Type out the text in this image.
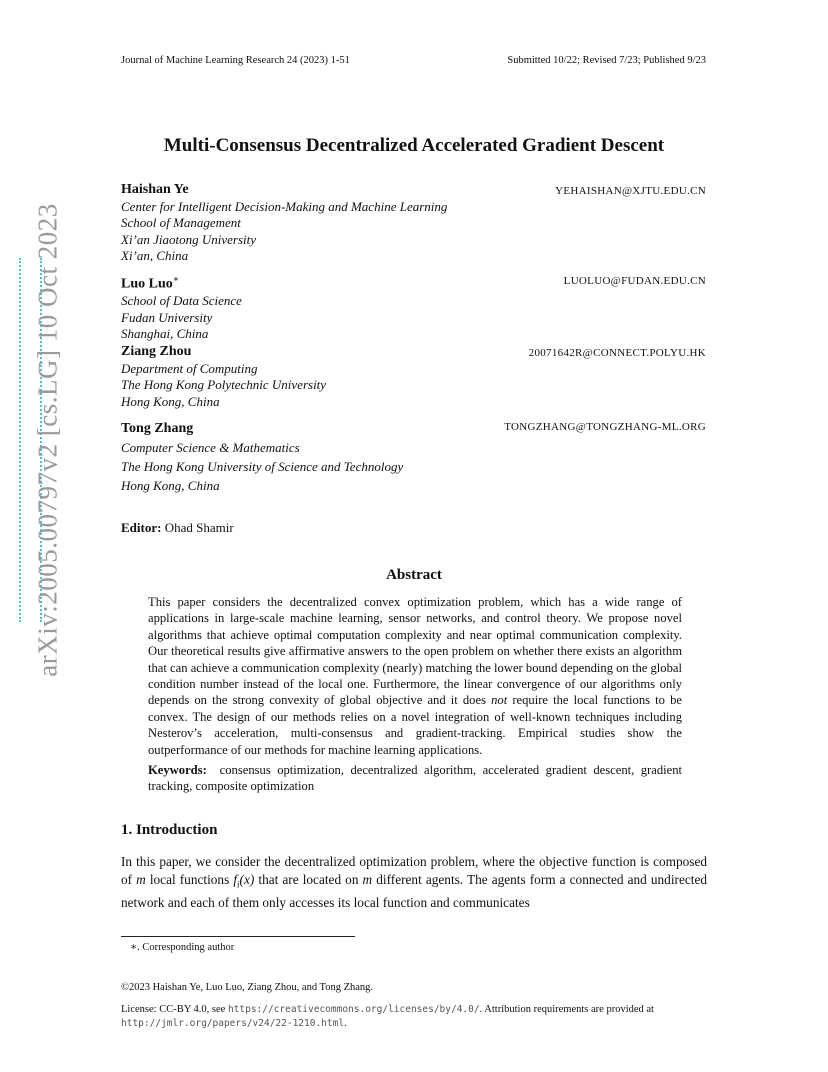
Journal of Machine Learning Research 24 (2023) 1-51	Submitted 10/22; Revised 7/23; Published 9/23
arXiv:2005.00797v2 [cs.LG] 10 Oct 2023
Multi-Consensus Decentralized Accelerated Gradient Descent
Haishan Ye
Center for Intelligent Decision-Making and Machine Learning
School of Management
Xi’an Jiaotong University
Xi’an, China
YEHAISHAN@XJTU.EDU.CN
Luo Luo∗
School of Data Science
Fudan University
Shanghai, China
LUOLUO@FUDAN.EDU.CN
Ziang Zhou
Department of Computing
The Hong Kong Polytechnic University
Hong Kong, China
20071642R@CONNECT.POLYU.HK
Tong Zhang
Computer Science & Mathematics
The Hong Kong University of Science and Technology
Hong Kong, China
TONGZHANG@TONGZHANG-ML.ORG
Editor: Ohad Shamir
Abstract
This paper considers the decentralized convex optimization problem, which has a wide range of applications in large-scale machine learning, sensor networks, and control theory. We propose novel algorithms that achieve optimal computation complexity and near optimal communication complexity. Our theoretical results give affirmative answers to the open problem on whether there exists an algorithm that can achieve a communication complexity (nearly) matching the lower bound depending on the global condition number instead of the local one. Furthermore, the linear convergence of our algorithms only depends on the strong convexity of global objective and it does not require the local functions to be convex. The design of our methods relies on a novel integration of well-known techniques including Nesterov’s acceleration, multi-consensus and gradient-tracking. Empirical studies show the outperformance of our methods for machine learning applications.
Keywords: consensus optimization, decentralized algorithm, accelerated gradient descent, gradient tracking, composite optimization
1. Introduction
In this paper, we consider the decentralized optimization problem, where the objective function is composed of m local functions $f_i(x)$ that are located on m different agents. The agents form a connected and undirected network and each of them only accesses its local function and communicates
∗. Corresponding author
©2023 Haishan Ye, Luo Luo, Ziang Zhou, and Tong Zhang.
License: CC-BY 4.0, see https://creativecommons.org/licenses/by/4.0/. Attribution requirements are provided at
http://jmlr.org/papers/v24/22-1210.html.
